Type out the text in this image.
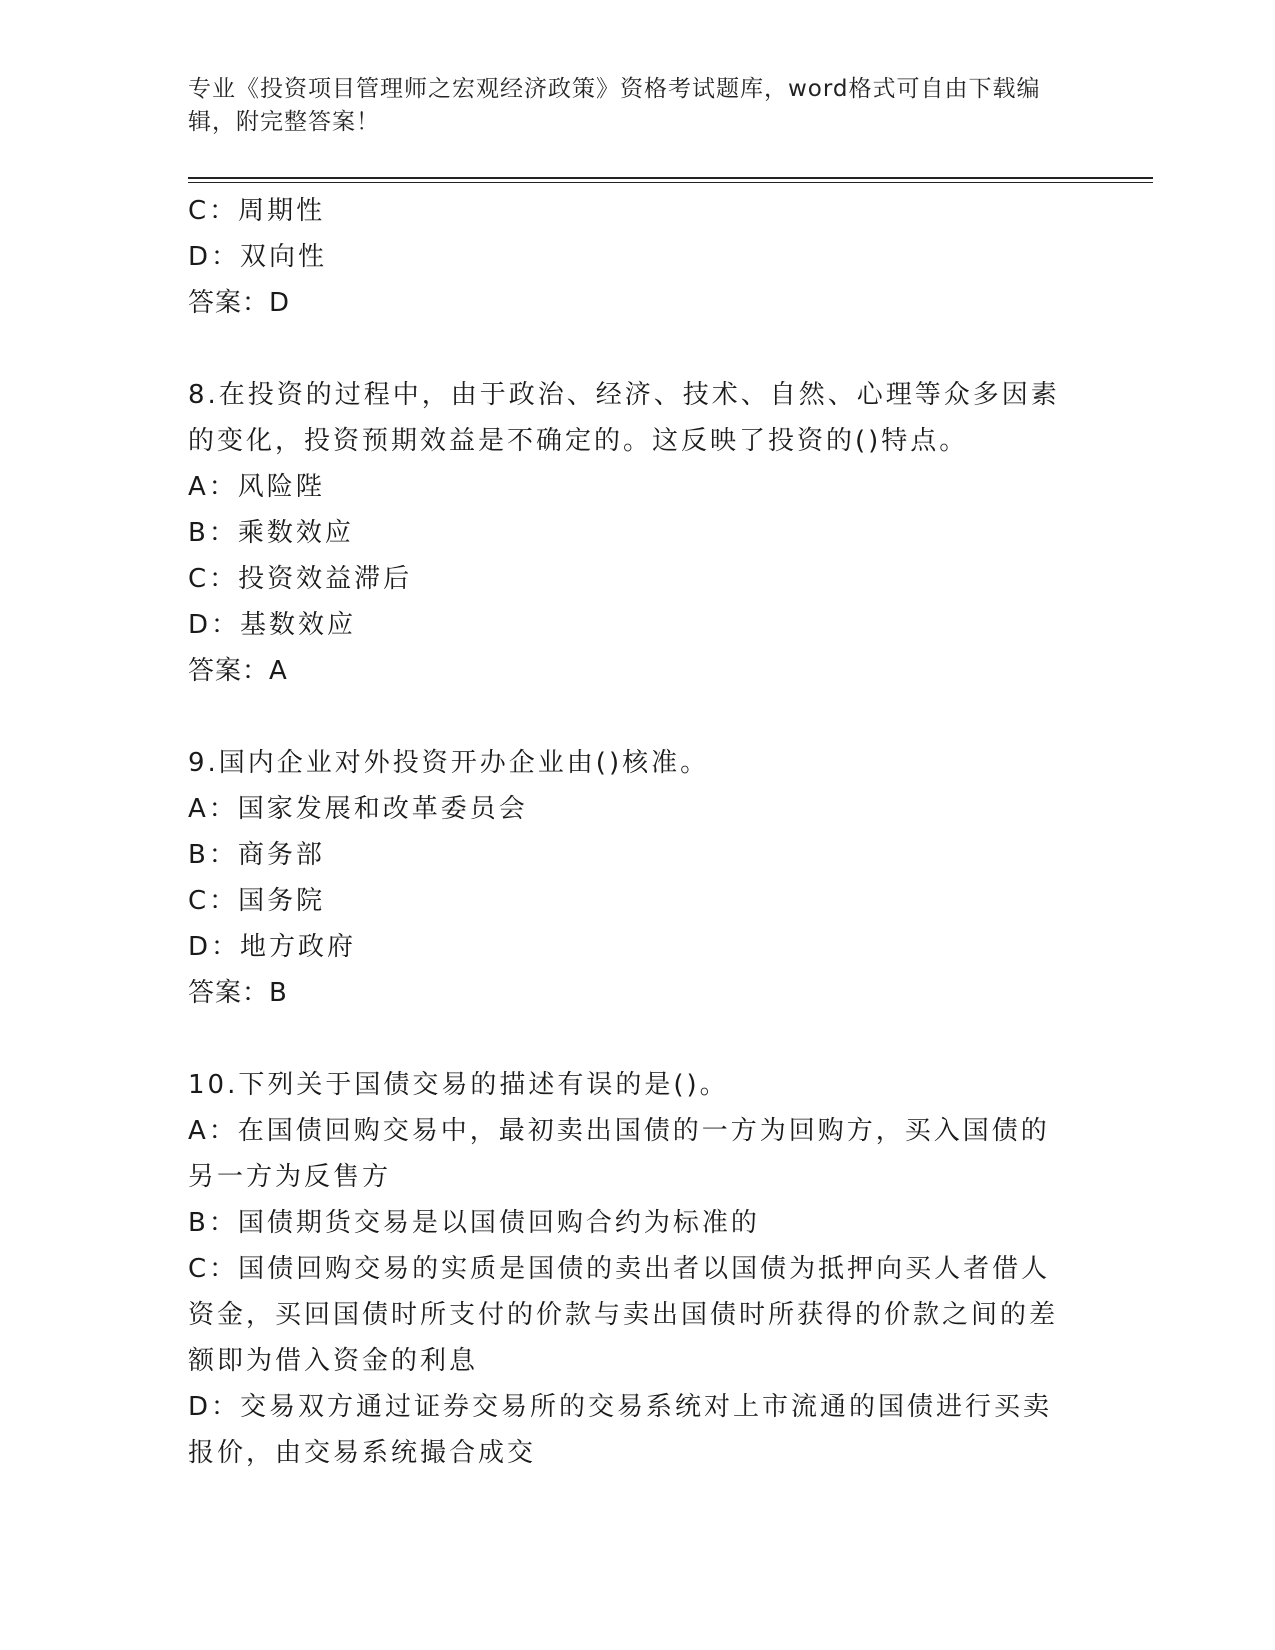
专业《投资项目管理师之宏观经济政策》资格考试题库，word格式可自由下载编辑，附完整答案！

C：周期性

D：双向性

答案：D

8.在投资的过程中，由于政治、经济、技术、自然、心理等众多因素的变化，投资预期效益是不确定的。这反映了投资的()特点。

A：风险陛

B：乘数效应

C：投资效益滞后

D：基数效应

答案：A

9.国内企业对外投资开办企业由()核准。

A：国家发展和改革委员会

B：商务部

C：国务院

D：地方政府

答案：B

10.下列关于国债交易的描述有误的是()。

A：在国债回购交易中，最初卖出国债的一方为回购方，买入国债的另一方为反售方

B：国债期货交易是以国债回购合约为标准的

C：国债回购交易的实质是国债的卖出者以国债为抵押向买人者借人资金，买回国债时所支付的价款与卖出国债时所获得的价款之间的差额即为借入资金的利息

D：交易双方通过证券交易所的交易系统对上市流通的国债进行买卖报价，由交易系统撮合成交
